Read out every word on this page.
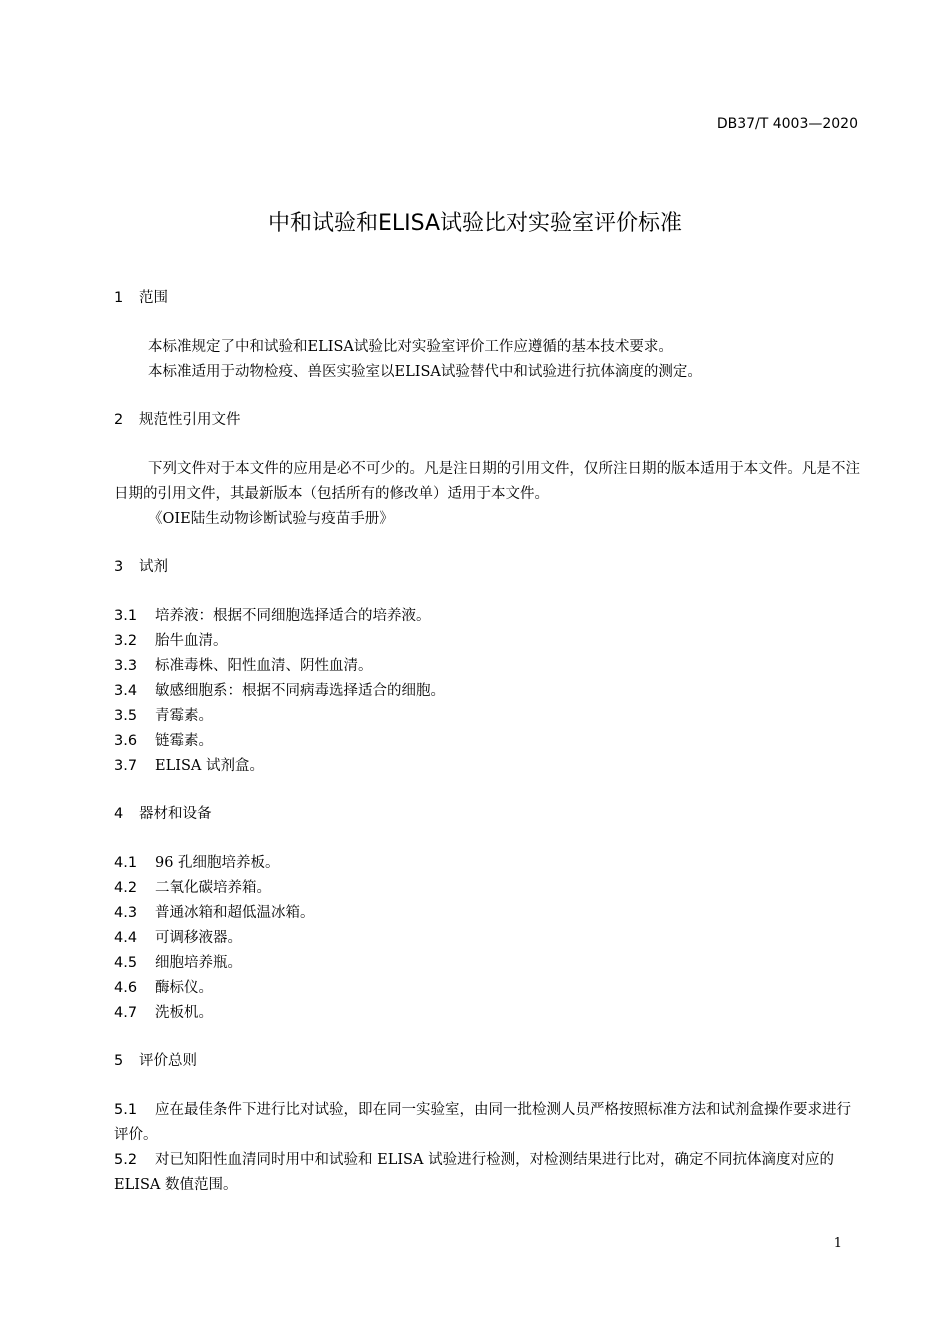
DB37/T 4003—2020
中和试验和ELISA试验比对实验室评价标准
1 范围

本标准规定了中和试验和ELISA试验比对实验室评价工作应遵循的基本技术要求。

本标准适用于动物检疫、兽医实验室以ELISA试验替代中和试验进行抗体滴度的测定。

2 规范性引用文件

下列文件对于本文件的应用是必不可少的。凡是注日期的引用文件，仅所注日期的版本适用于本文件。凡是不注日期的引用文件，其最新版本（包括所有的修改单）适用于本文件。

《OIE陆生动物诊断试验与疫苗手册》

3 试剂

3.1 培养液：根据不同细胞选择适合的培养液。

3.2 胎牛血清。

3.3 标准毒株、阳性血清、阴性血清。

3.4 敏感细胞系：根据不同病毒选择适合的细胞。

3.5 青霉素。

3.6 链霉素。

3.7 ELISA 试剂盒。

4 器材和设备

4.1 96 孔细胞培养板。

4.2 二氧化碳培养箱。

4.3 普通冰箱和超低温冰箱。

4.4 可调移液器。

4.5 细胞培养瓶。

4.6 酶标仪。

4.7 洗板机。

5 评价总则

5.1 应在最佳条件下进行比对试验，即在同一实验室，由同一批检测人员严格按照标准方法和试剂盒操作要求进行评价。

5.2 对已知阳性血清同时用中和试验和 ELISA 试验进行检测，对检测结果进行比对，确定不同抗体滴度对应的 ELISA 数值范围。

1
